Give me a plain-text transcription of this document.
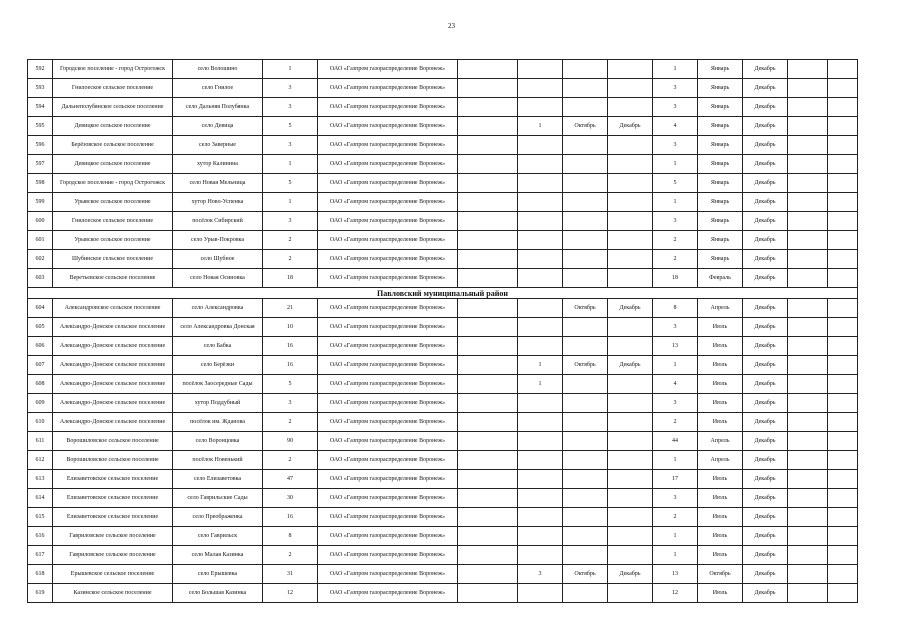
23
592	Городское поселение - город Острогожск	село Волошино	1	ОАО «Газпром газораспределение Воронеж»					1	Январь	Декабрь		
593	Гнилоеское сельское поселение	село Гнилое	3	ОАО «Газпром газораспределение Воронеж»					3	Январь	Декабрь		
594	Дальнеполубянское сельское поселение	село Дальняя Полубянка	3	ОАО «Газпром газораспределение Воронеж»					3	Январь	Декабрь		
595	Девицкое сельское поселение	село Девица	5	ОАО «Газпром газораспределение Воронеж»		1	Октябрь	Декабрь	4	Январь	Декабрь		
596	Берёзовское сельское поселение	село Заверные	3	ОАО «Газпром газораспределение Воронеж»					3	Январь	Декабрь		
597	Девицкое сельское поселение	хутор Калинина	1	ОАО «Газпром газораспределение Воронеж»					1	Январь	Декабрь		
598	Городское поселение - город Острогожск	село Новая Мельница	5	ОАО «Газпром газораспределение Воронеж»					5	Январь	Декабрь		
599	Урывское сельское поселение	хутор Ново-Успенка	1	ОАО «Газпром газораспределение Воронеж»					1	Январь	Декабрь		
600	Гнилоеское сельское поселение	посёлок Сибирский	3	ОАО «Газпром газораспределение Воронеж»					3	Январь	Декабрь		
601	Урывское сельское поселение	село Урыв-Покровка	2	ОАО «Газпром газораспределение Воронеж»					2	Январь	Декабрь		
602	Шубинское сельское поселение	село Шубное	2	ОАО «Газпром газораспределение Воронеж»					2	Январь	Декабрь		
603	Веретьевское сельское поселение	село Новая Осиновка	18	ОАО «Газпром газораспределение Воронеж»					18	Февраль	Декабрь		
Павловский муниципальный район													
604	Александровское сельское поселение	село Александровка	21	ОАО «Газпром газораспределение Воронеж»			Октябрь	Декабрь	8	Апрель	Декабрь		
605	Александро-Донское сельское поселение	село Александровка Донская	10	ОАО «Газпром газораспределение Воронеж»					3	Июль	Декабрь		
606	Александро-Донское сельское поселение	село Бабка	16	ОАО «Газпром газораспределение Воронеж»					13	Июль	Декабрь		
607	Александро-Донское сельское поселение	село Берёзки	16	ОАО «Газпром газораспределение Воронеж»		1	Октябрь	Декабрь	1	Июль	Декабрь		
608	Александро-Донское сельское поселение	посёлок Заосередные Сады	5	ОАО «Газпром газораспределение Воронеж»		1			4	Июль	Декабрь		
609	Александро-Донское сельское поселение	хутор Поддубный	3	ОАО «Газпром газораспределение Воронеж»					3	Июль	Декабрь		
610	Александро-Донское сельское поселение	посёлок им. Жданова	2	ОАО «Газпром газораспределение Воронеж»					2	Июль	Декабрь		
611	Ворошиловское сельское поселение	село Воронцовка	90	ОАО «Газпром газораспределение Воронеж»					44	Апрель	Декабрь		
612	Ворошиловское сельское поселение	посёлок Новенький	2	ОАО «Газпром газораспределение Воронеж»					1	Апрель	Декабрь		
613	Елизаветовское сельское поселение	село Елизаветовка	47	ОАО «Газпром газораспределение Воронеж»					17	Июль	Декабрь		
614	Елизаветовское сельское поселение	село Гаврильские Сады	30	ОАО «Газпром газораспределение Воронеж»					3	Июль	Декабрь		
615	Елизаветовское сельское поселение	село Преображенка	16	ОАО «Газпром газораспределение Воронеж»					2	Июль	Декабрь		
616	Гавриловское сельское поселение	село Гаврильск	8	ОАО «Газпром газораспределение Воронеж»					1	Июль	Декабрь		
617	Гавриловское сельское поселение	село Малая Казинка	2	ОАО «Газпром газораспределение Воронеж»					1	Июль	Декабрь		
618	Ерышевское сельское поселение	село Ерышевка	31	ОАО «Газпром газораспределение Воронеж»		3	Октябрь	Декабрь	13	Октябрь	Декабрь		
619	Казинское сельское поселение	село Большая Казинка	12	ОАО «Газпром газораспределение Воронеж»					12	Июль	Декабрь		
